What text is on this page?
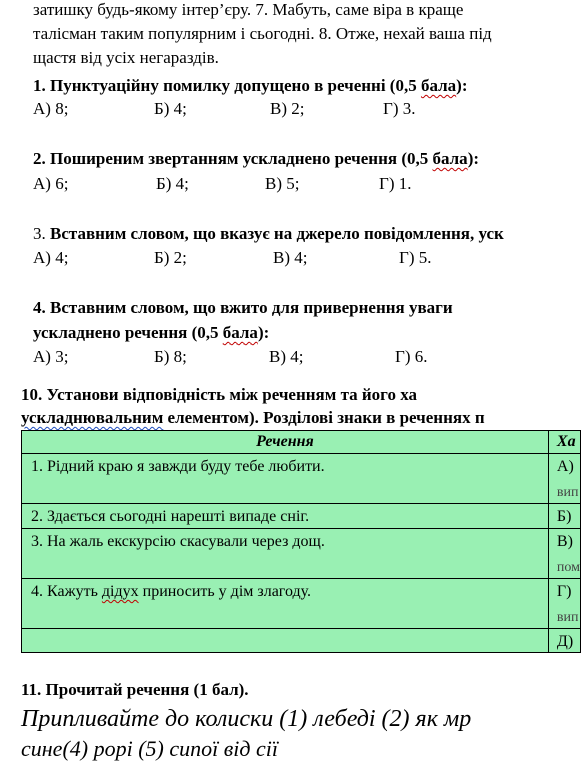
затишку будь-якому інтер’єру. 7. Мабуть, саме віра в краще
талісман таким популярним і сьогодні. 8. Отже, нехай ваша під
щастя від усіх негараздів.
1. Пунктуаційну помилку допущено в реченні (0,5 бала):
А) 8;	Б) 4;	В) 2;	Г) 3.
2. Поширеним звертанням ускладнено речення (0,5 бала):
А) 6;	Б) 4;	В) 5;	Г) 1.
3. Вставним словом, що вказує на джерело повідомлення, уск
А) 4;	Б) 2;	В) 4;	Г) 5.
4. Вставним словом, що вжито для привернення уваги
ускладнено речення (0,5 бала):
А) 3;	Б) 8;	В) 4;	Г) 6.
10. Установи відповідність між реченням та його ха
ускладнювальним елементом). Розділові знаки в реченнях п
Речення	Ха
1. Рідний краю я завжди буду тебе любити.	А)
вип

2. Здається сьогодні нарешті випаде сніг.	Б)
3. На жаль екскурсію скасували через дощ.	В)
пом

4. Кажуть дідух приносить у дім злагоду.	Г)
вип

	Д)
11. Прочитай речення (1 бал).
Припливайте до колиски (1) лебеді (2) як мр
сине(4) рорі (5) сипої від сії
